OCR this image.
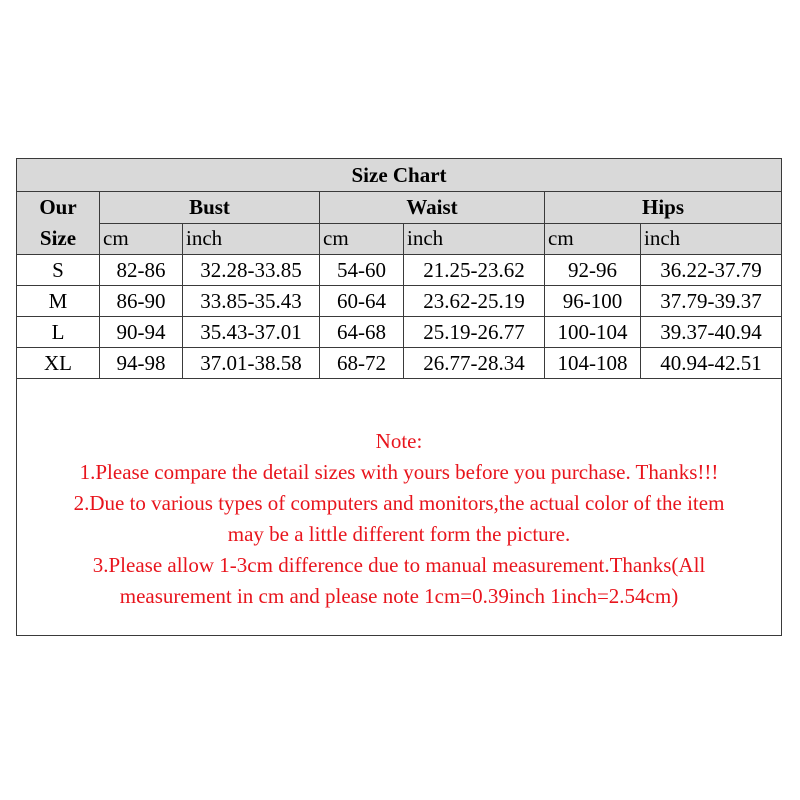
Size Chart						
Our
Size	Bust		Waist		Hips	
	cm	inch	cm	inch	cm	inch
S	82-86	32.28-33.85	54-60	21.25-23.62	92-96	36.22-37.79
M	86-90	33.85-35.43	60-64	23.62-25.19	96-100	37.79-39.37
L	90-94	35.43-37.01	64-68	25.19-26.77	100-104	39.37-40.94
XL	94-98	37.01-38.58	68-72	26.77-28.34	104-108	40.94-42.51
Note:
1.Please compare the detail sizes with yours before you purchase. Thanks!!!
2.Due to various types of computers and monitors,the actual color of the item
may be a little different form the picture.
3.Please allow 1-3cm difference due to manual measurement.Thanks(All
measurement in cm and please note 1cm=0.39inch 1inch=2.54cm)
